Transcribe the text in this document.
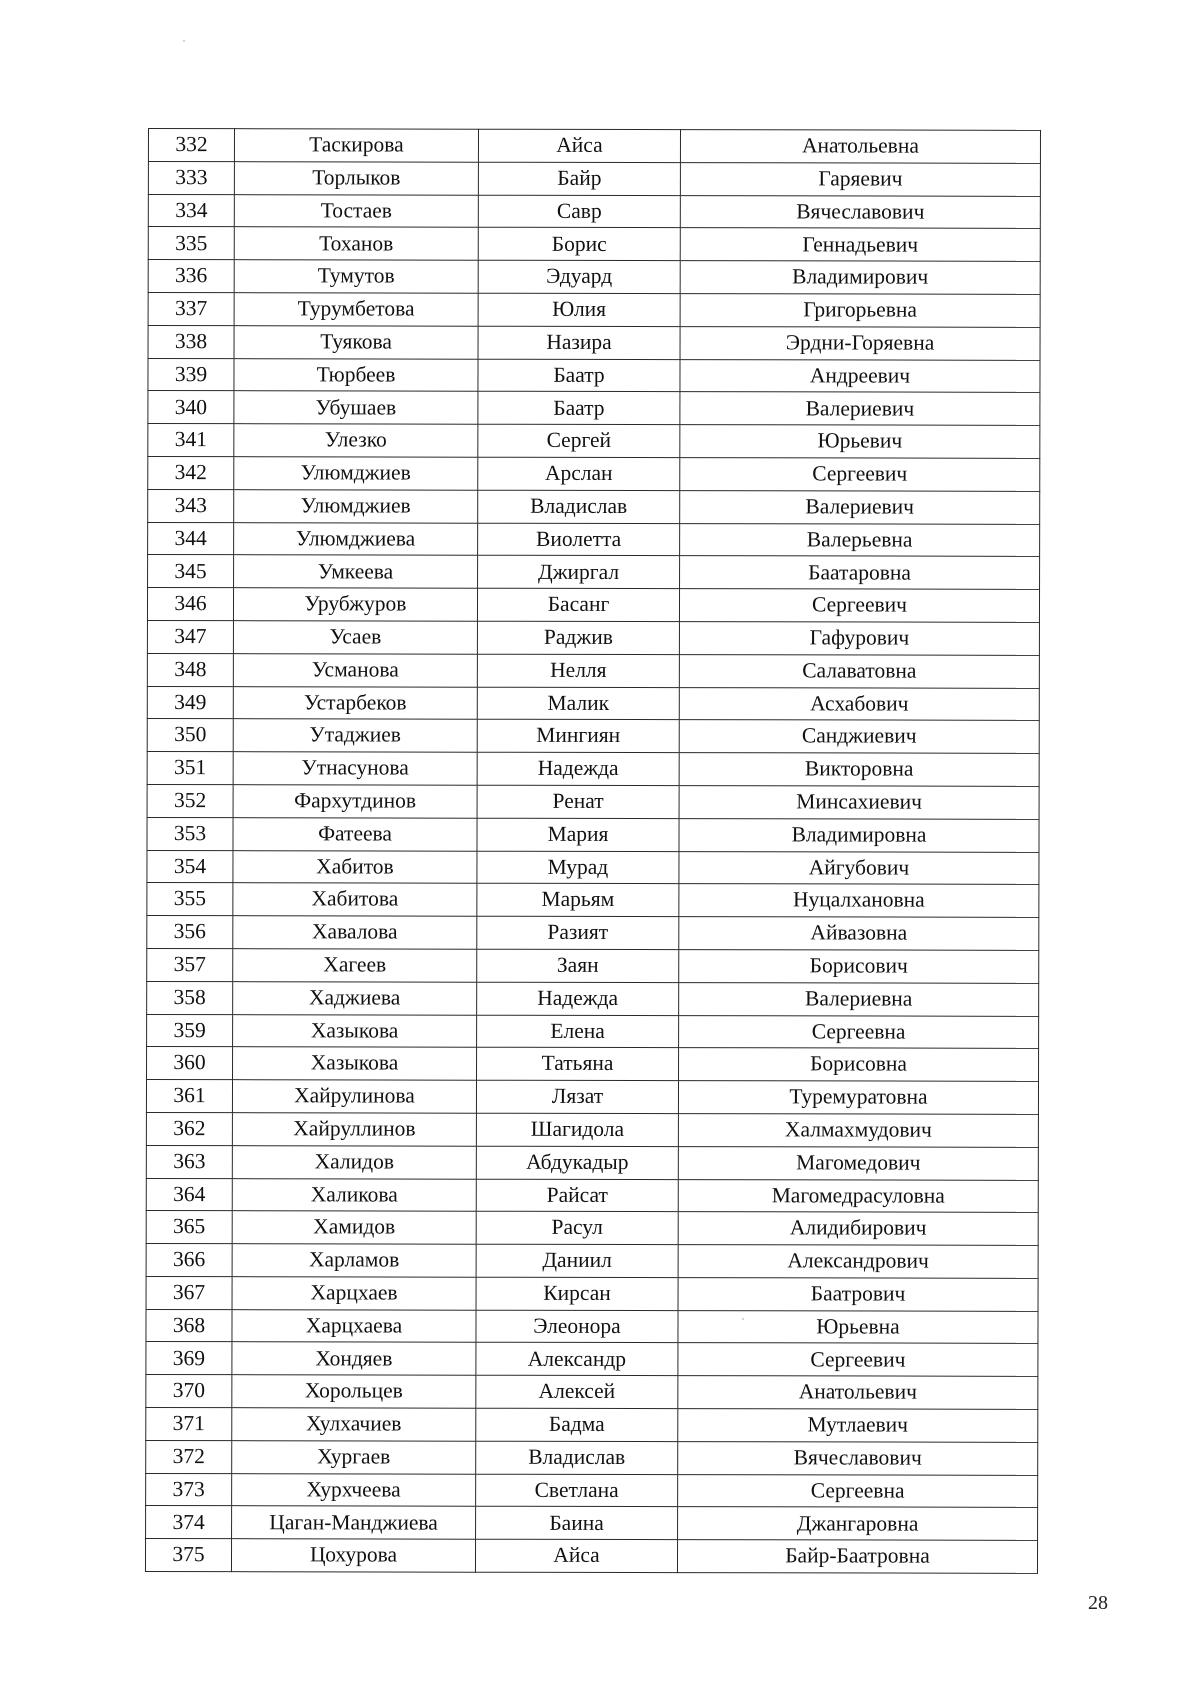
332	Таскирова	Айса	Анатольевна
333	Торлыков	Байр	Гаряевич
334	Тостаев	Савр	Вячеславович
335	Тоханов	Борис	Геннадьевич
336	Тумутов	Эдуард	Владимирович
337	Турумбетова	Юлия	Григорьевна
338	Туякова	Назира	Эрдни-Горяевна
339	Тюрбеев	Баатр	Андреевич
340	Убушаев	Баатр	Валериевич
341	Улезко	Сергей	Юрьевич
342	Улюмджиев	Арслан	Сергеевич
343	Улюмджиев	Владислав	Валериевич
344	Улюмджиева	Виолетта	Валерьевна
345	Умкеева	Джиргал	Баатаровна
346	Урубжуров	Басанг	Сергеевич
347	Усаев	Раджив	Гафурович
348	Усманова	Нелля	Салаватовна
349	Устарбеков	Малик	Асхабович
350	Утаджиев	Мингиян	Санджиевич
351	Утнасунова	Надежда	Викторовна
352	Фархутдинов	Ренат	Минсахиевич
353	Фатеева	Мария	Владимировна
354	Хабитов	Мурад	Айгубович
355	Хабитова	Марьям	Нуцалхановна
356	Хавалова	Разият	Айвазовна
357	Хагеев	Заян	Борисович
358	Хаджиева	Надежда	Валериевна
359	Хазыкова	Елена	Сергеевна
360	Хазыкова	Татьяна	Борисовна
361	Хайрулинова	Лязат	Туремуратовна
362	Хайруллинов	Шагидола	Халмахмудович
363	Халидов	Абдукадыр	Магомедович
364	Халикова	Райсат	Магомедрасуловна
365	Хамидов	Расул	Алидибирович
366	Харламов	Даниил	Александрович
367	Харцхаев	Кирсан	Баатрович
368	Харцхаева	Элеонора	Юрьевна
369	Хондяев	Александр	Сергеевич
370	Хорольцев	Алексей	Анатольевич
371	Хулхачиев	Бадма	Мутлаевич
372	Хургаев	Владислав	Вячеславович
373	Хурхчеева	Светлана	Сергеевна
374	Цаган-Манджиева	Баина	Джангаровна
375	Цохурова	Айса	Байр-Баатровна
28
